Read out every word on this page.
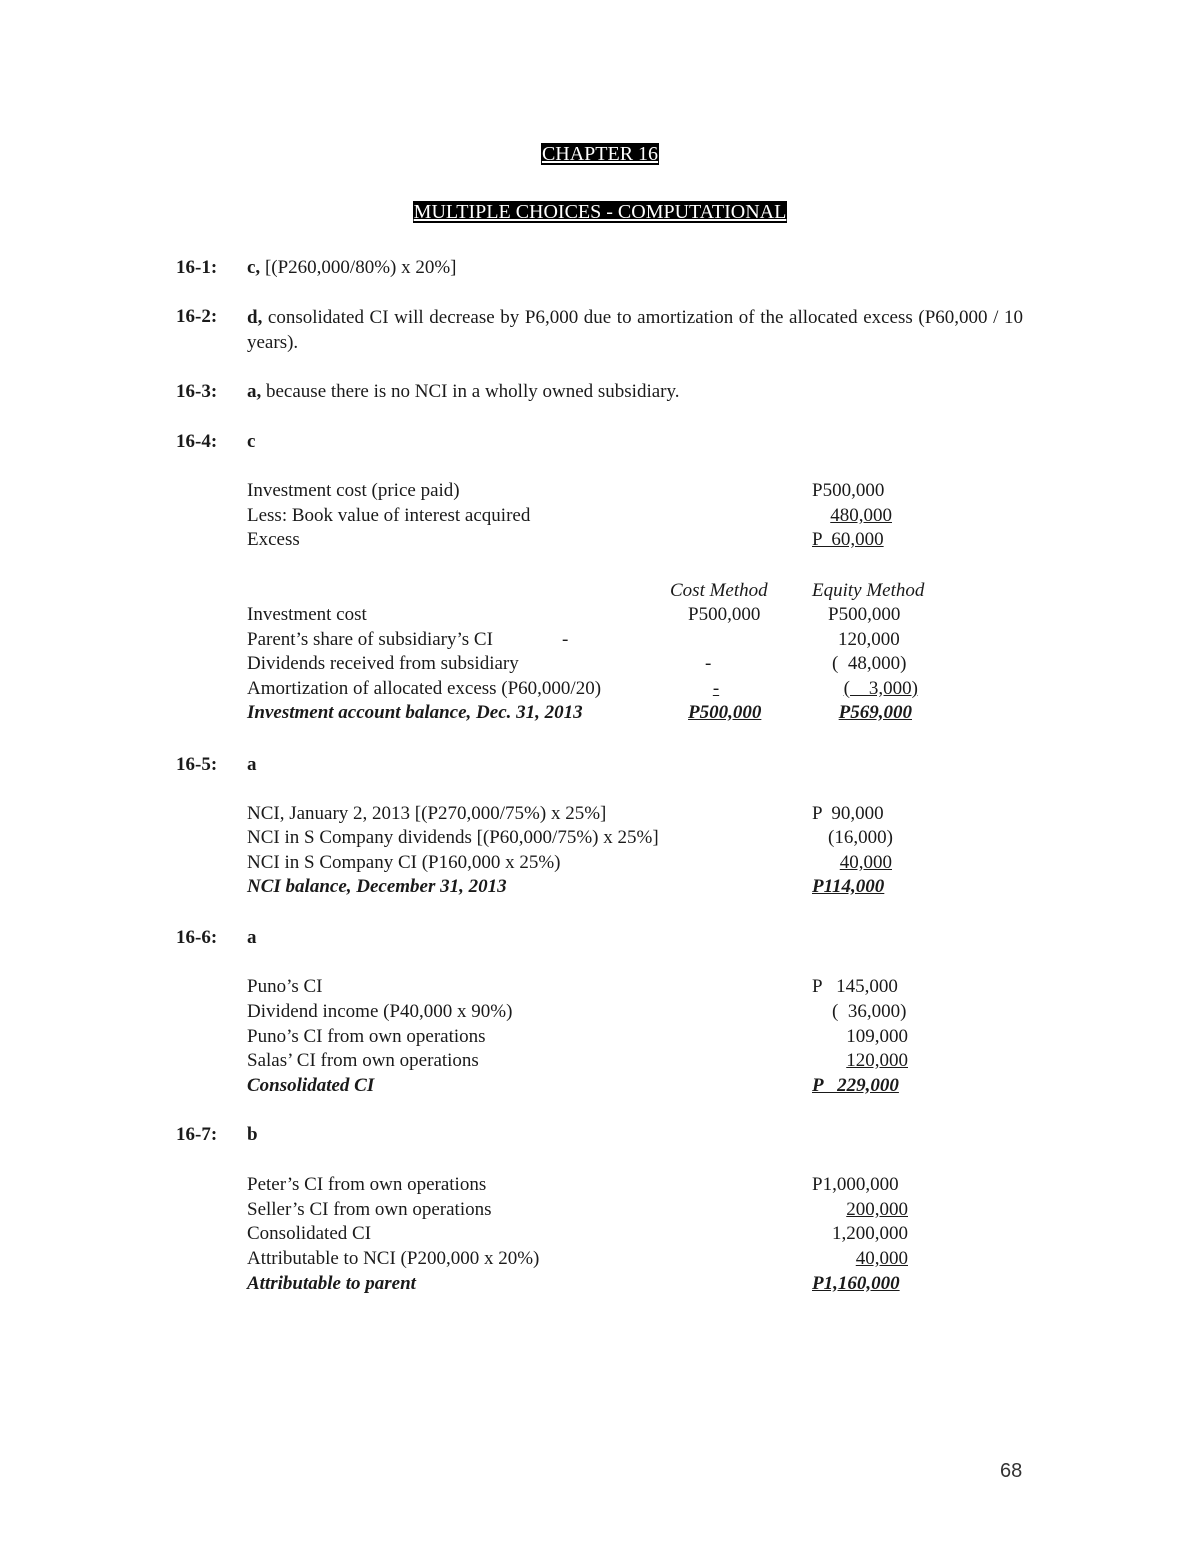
CHAPTER 16
MULTIPLE CHOICES - COMPUTATIONAL
16-1: c, [(P260,000/80%) x 20%]
16-2: d, consolidated CI will decrease by P6,000 due to amortization of the allocated excess (P60,000 / 10 years).
16-3: a, because there is no NCI in a wholly owned subsidiary.
16-4: c
Investment cost (price paid)	P500,000
Less: Book value of interest acquired	480,000
Excess	P  60,000
Cost Method Equity Method
Investment cost	P500,000	P500,000
Parent’s share of subsidiary’s CI	-	120,000
Dividends received from subsidiary	-	(  48,000)
Amortization of allocated excess (P60,000/20)	-	(    3,000)
Investment account balance, Dec. 31, 2013	P500,000	P569,000
16-5: a
NCI, January 2, 2013 [(P270,000/75%) x 25%]	P  90,000
NCI in S Company dividends [(P60,000/75%) x 25%]	(16,000)
NCI in S Company CI (P160,000 x 25%)	40,000
NCI balance, December 31, 2013	P114,000
16-6: a
Puno’s CI	P   145,000
Dividend income (P40,000 x 90%)	(  36,000)
Puno’s CI from own operations	109,000
Salas’ CI from own operations	120,000
Consolidated CI	P   229,000
16-7: b
Peter’s CI from own operations	P1,000,000
Seller’s CI from own operations	200,000
Consolidated CI	1,200,000
Attributable to NCI (P200,000 x 20%)	40,000
Attributable to parent	P1,160,000
68
